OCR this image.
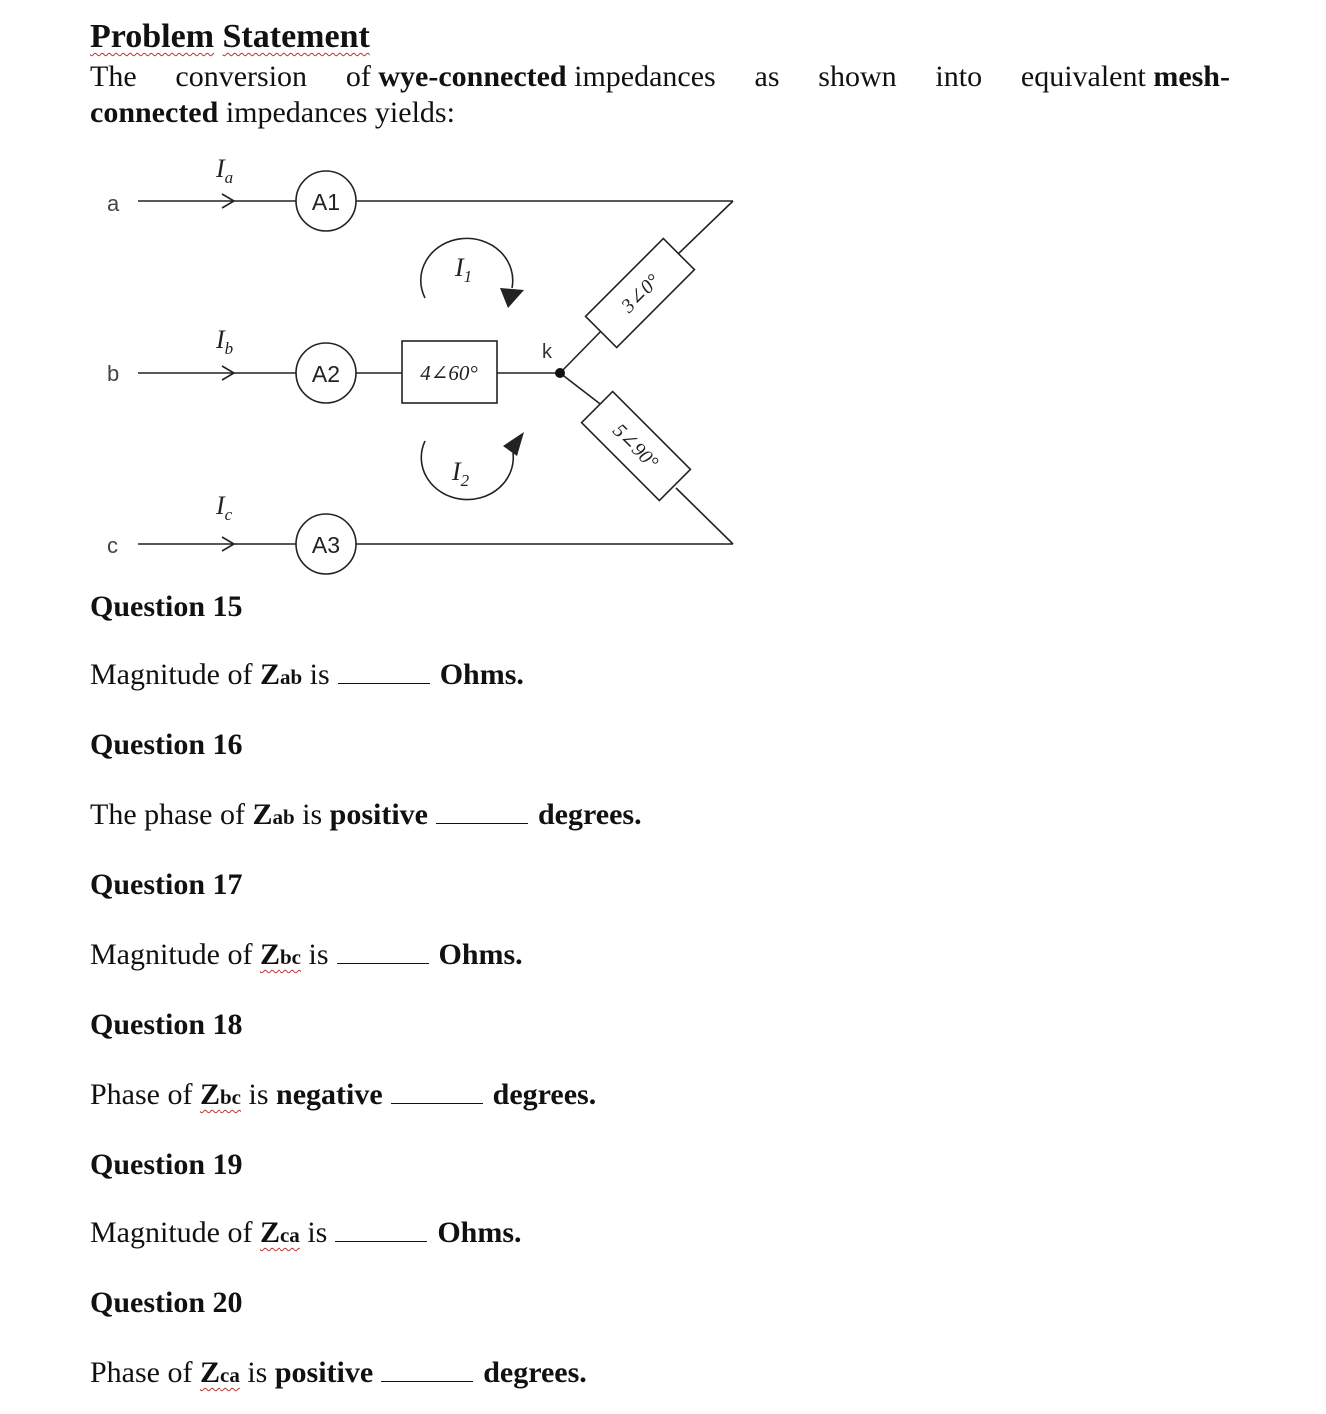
Problem Statement
The conversion of wye-connected impedances as shown into equivalent mesh-
connected impedances yields:
a
b
c
k
A1
A2
A3
$I_a$
$I_b$
$I_c$
$I_1$
$I_2$
4∠60°
3∠0°
5∠90°
Question 15
Magnitude of Zab is	Ohms.
Question 16
The phase of Zab is positive	degrees.
Question 17
Magnitude of Zbc is	Ohms.
Question 18
Phase of Zbc is negative	degrees.
Question 19
Magnitude of Zca is	Ohms.
Question 20
Phase of Zca is positive	degrees.
